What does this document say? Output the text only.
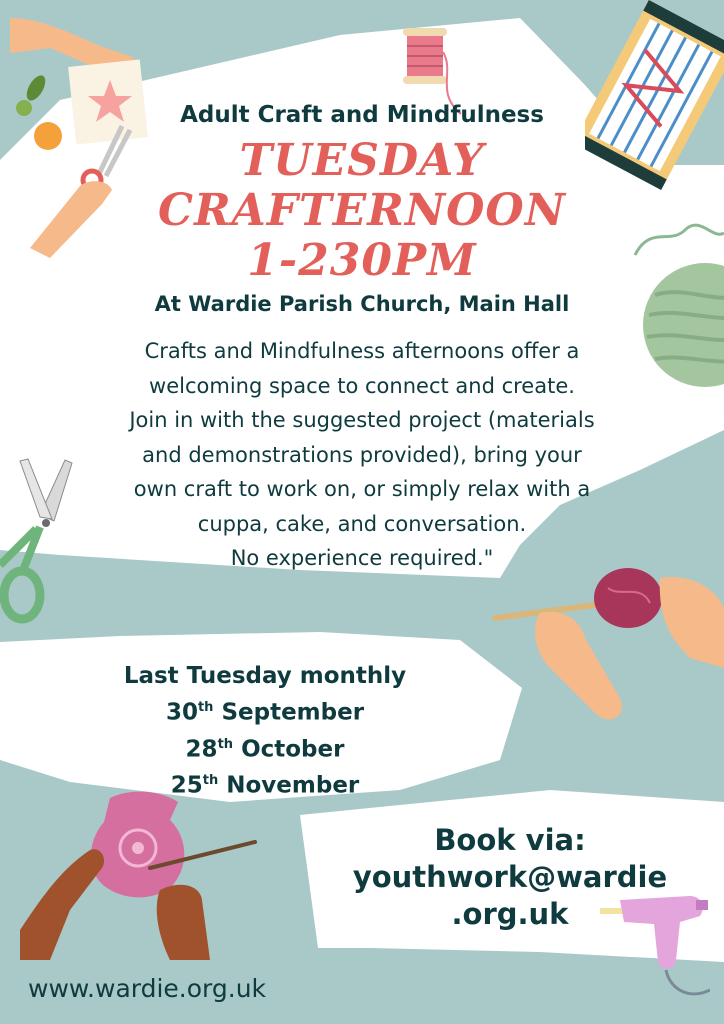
Adult Craft and Mindfulness
TUESDAY
CRAFTERNOON
1-230PM
At Wardie Parish Church, Main Hall
Crafts and Mindfulness afternoons offer a
welcoming space to connect and create.
Join in with the suggested project (materials
and demonstrations provided), bring your
own craft to work on, or simply relax with a
cuppa, cake, and conversation.
No experience required."
Last Tuesday monthly
30th September
28th October
25th November
Book via:
youthwork@wardie
.org.uk
www.wardie.org.uk
